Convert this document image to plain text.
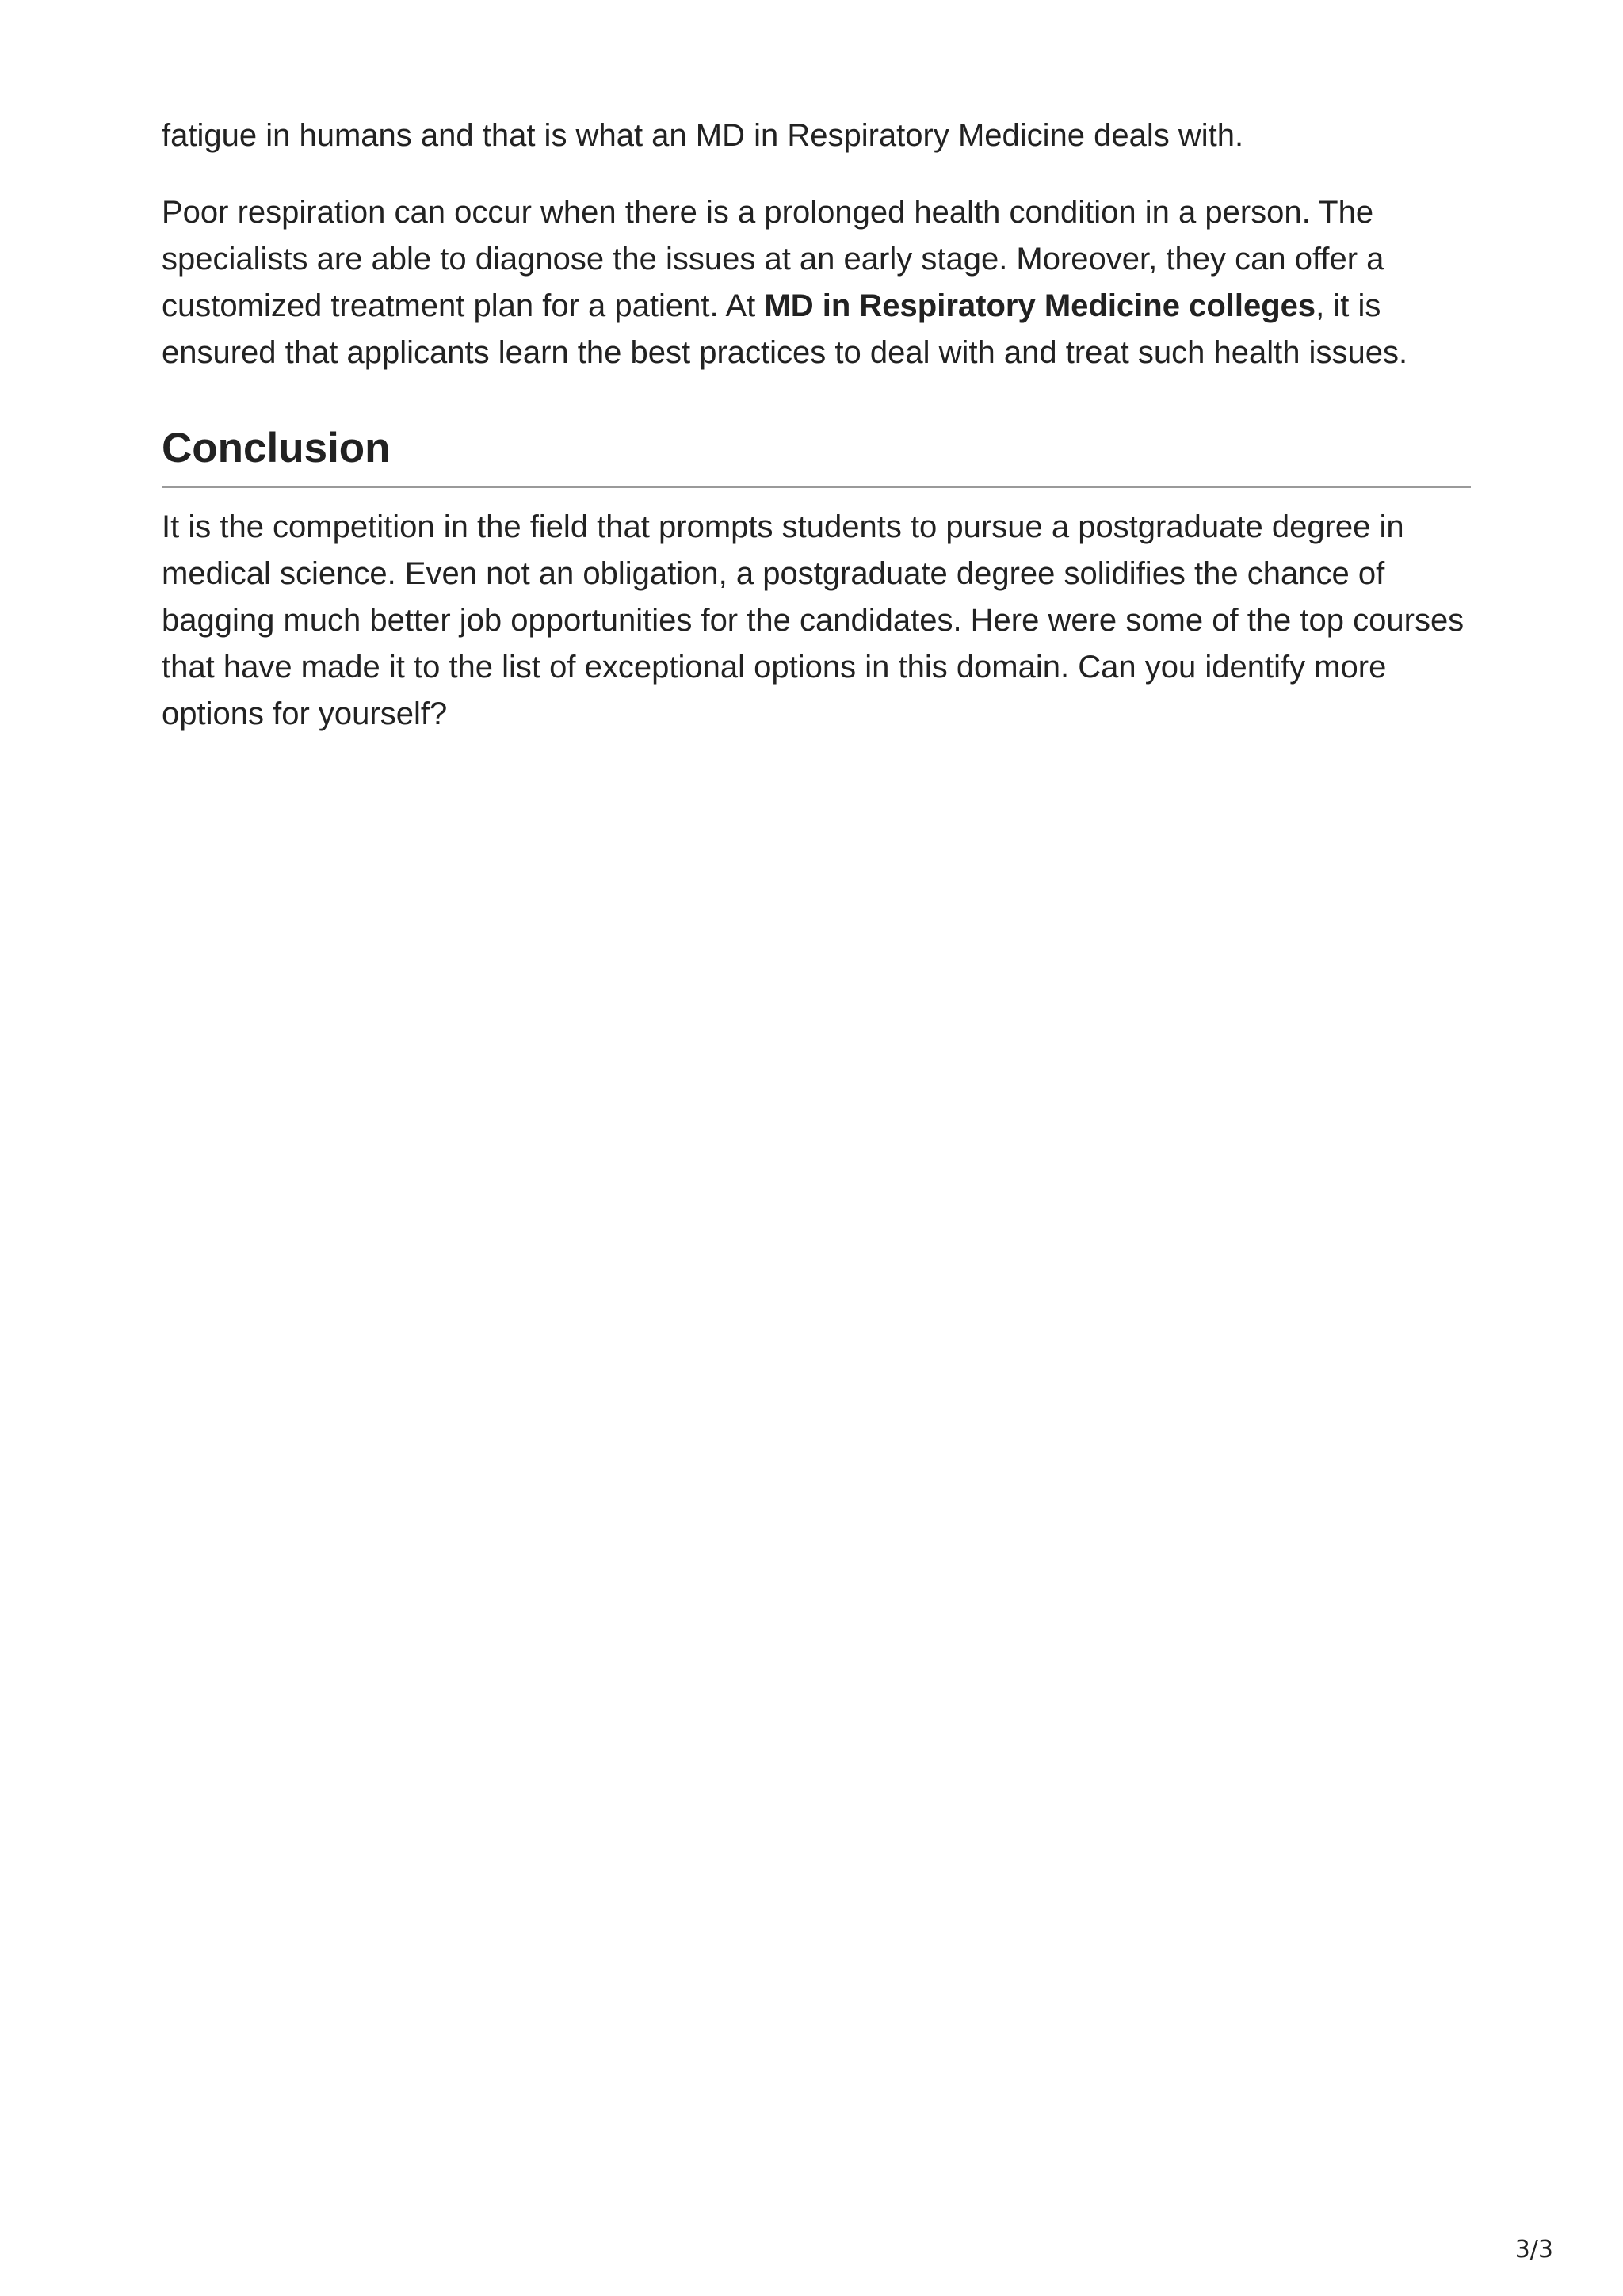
fatigue in humans and that is what an MD in Respiratory Medicine deals with.

Poor respiration can occur when there is a prolonged health condition in a person. The specialists are able to diagnose the issues at an early stage. Moreover, they can offer a customized treatment plan for a patient. At MD in Respiratory Medicine colleges, it is ensured that applicants learn the best practices to deal with and treat such health issues.

Conclusion

It is the competition in the field that prompts students to pursue a postgraduate degree in medical science. Even not an obligation, a postgraduate degree solidifies the chance of bagging much better job opportunities for the candidates. Here were some of the top courses that have made it to the list of exceptional options in this domain. Can you identify more options for yourself?

3/3
